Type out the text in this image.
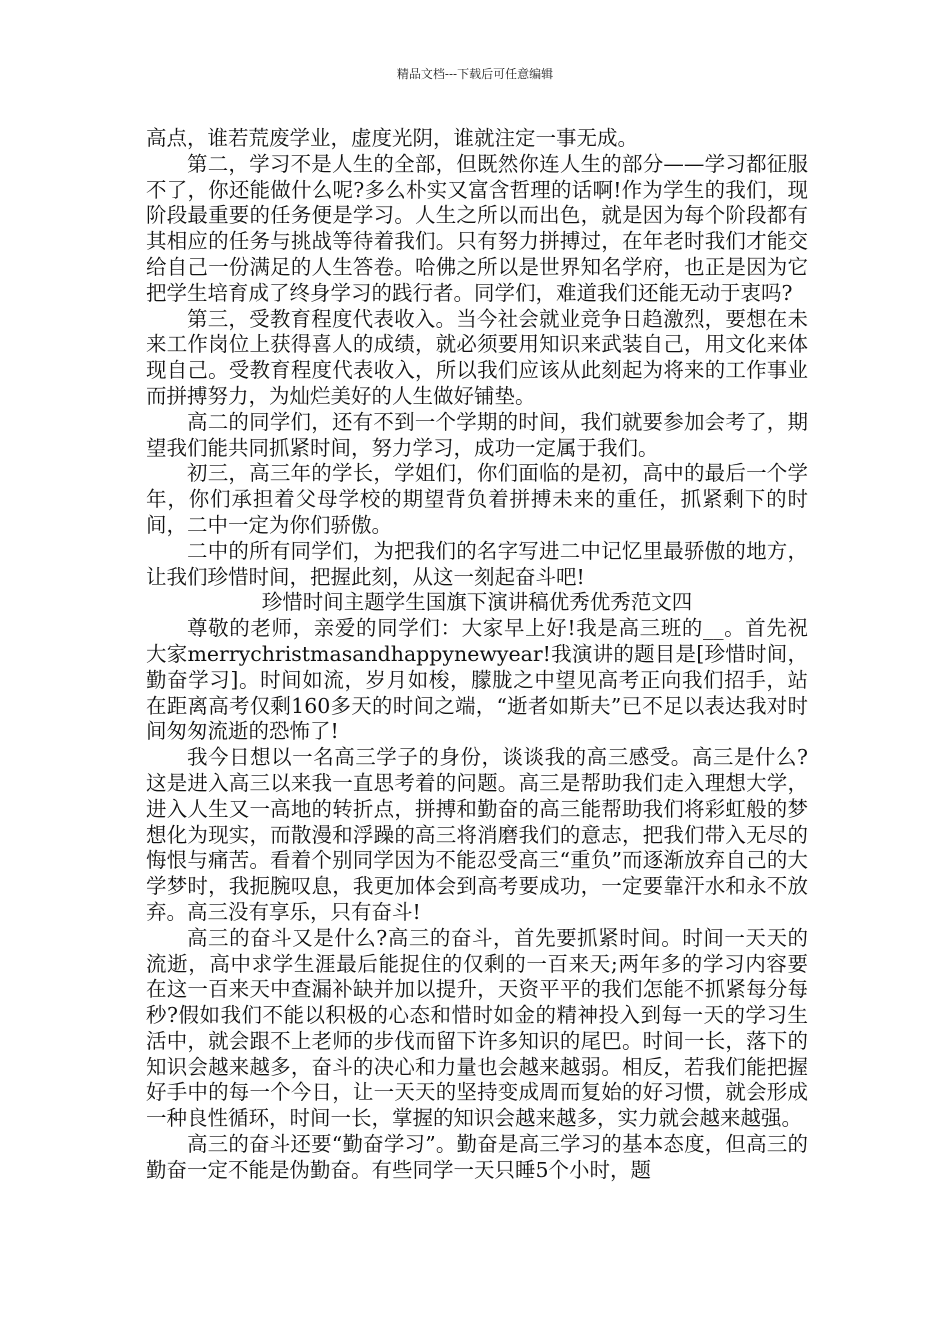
精品文档---下载后可任意编辑

高点，谁若荒废学业，虚度光阴，谁就注定一事无成。

第二，学习不是人生的全部，但既然你连人生的部分——学习都征服不了，你还能做什么呢?多么朴实又富含哲理的话啊!作为学生的我们，现阶段最重要的任务便是学习。人生之所以而出色，就是因为每个阶段都有其相应的任务与挑战等待着我们。只有努力拼搏过，在年老时我们才能交给自己一份满足的人生答卷。哈佛之所以是世界知名学府，也正是因为它把学生培育成了终身学习的践行者。同学们，难道我们还能无动于衷吗?

第三，受教育程度代表收入。当今社会就业竞争日趋激烈，要想在未来工作岗位上获得喜人的成绩，就必须要用知识来武装自己，用文化来体现自己。受教育程度代表收入，所以我们应该从此刻起为将来的工作事业而拼搏努力，为灿烂美好的人生做好铺垫。

高二的同学们，还有不到一个学期的时间，我们就要参加会考了，期望我们能共同抓紧时间，努力学习，成功一定属于我们。

初三，高三年的学长，学姐们，你们面临的是初，高中的最后一个学年，你们承担着父母学校的期望背负着拼搏未来的重任，抓紧剩下的时间，二中一定为你们骄傲。

二中的所有同学们，为把我们的名字写进二中记忆里最骄傲的地方，让我们珍惜时间，把握此刻，从这一刻起奋斗吧!

珍惜时间主题学生国旗下演讲稿优秀优秀范文四

尊敬的老师，亲爱的同学们：大家早上好!我是高三班的__。首先祝大家merrychristmasandhappynewyear!我演讲的题目是[珍惜时间，勤奋学习]。时间如流，岁月如梭，朦胧之中望见高考正向我们招手，站在距离高考仅剩160多天的时间之端，“逝者如斯夫”已不足以表达我对时间匆匆流逝的恐怖了!

我今日想以一名高三学子的身份，谈谈我的高三感受。高三是什么?这是进入高三以来我一直思考着的问题。高三是帮助我们走入理想大学，进入人生又一高地的转折点，拼搏和勤奋的高三能帮助我们将彩虹般的梦想化为现实，而散漫和浮躁的高三将消磨我们的意志，把我们带入无尽的悔恨与痛苦。看着个别同学因为不能忍受高三“重负”而逐渐放弃自己的大学梦时，我扼腕叹息，我更加体会到高考要成功，一定要靠汗水和永不放弃。高三没有享乐，只有奋斗!

高三的奋斗又是什么?高三的奋斗，首先要抓紧时间。时间一天天的流逝，高中求学生涯最后能捉住的仅剩的一百来天;两年多的学习内容要在这一百来天中查漏补缺并加以提升，天资平平的我们怎能不抓紧每分每秒?假如我们不能以积极的心态和惜时如金的精神投入到每一天的学习生活中，就会跟不上老师的步伐而留下许多知识的尾巴。时间一长，落下的知识会越来越多，奋斗的决心和力量也会越来越弱。相反，若我们能把握好手中的每一个今日，让一天天的坚持变成周而复始的好习惯，就会形成一种良性循环，时间一长，掌握的知识会越来越多，实力就会越来越强。

高三的奋斗还要“勤奋学习”。勤奋是高三学习的基本态度，但高三的勤奋一定不能是伪勤奋。有些同学一天只睡5个小时，题
